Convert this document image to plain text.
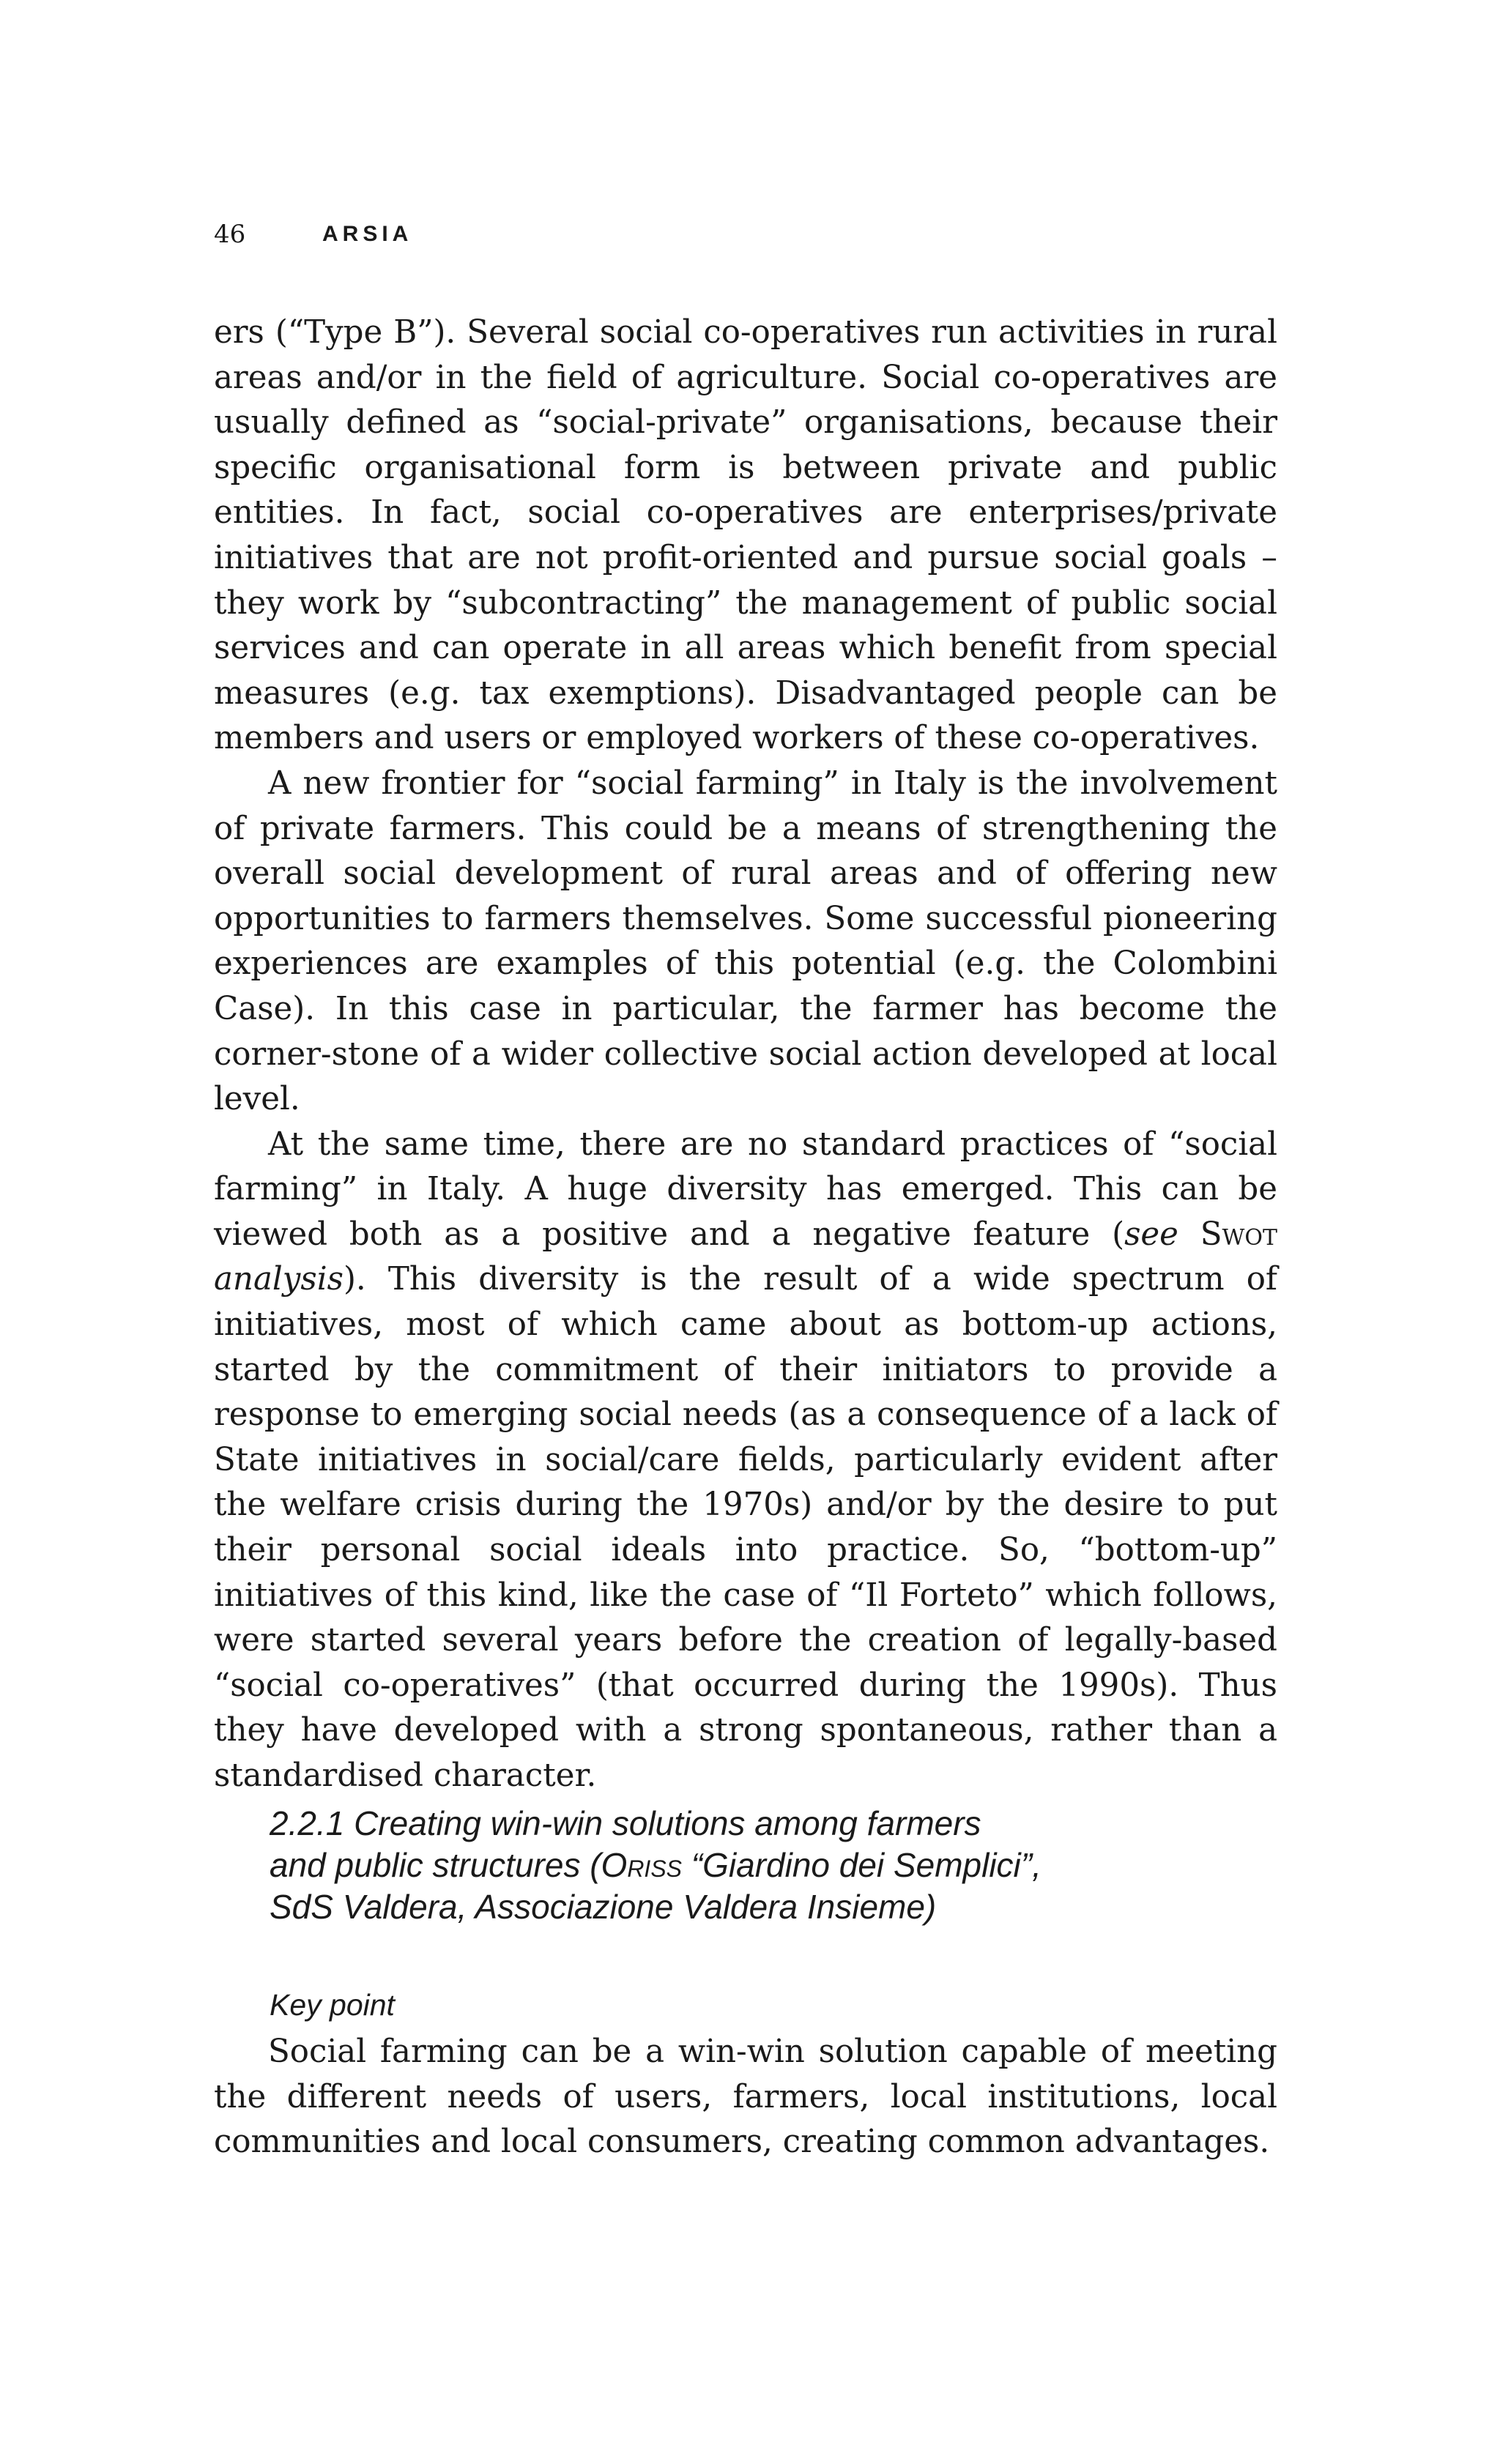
46	ARSIA

ers (“Type B”). Several social co-operatives run activities in rural areas and/or in the field of agriculture. Social co-operatives are usually defined as “social-private” organisations, because their specific organisational form is between private and public entities. In fact, social co-operatives are enterprises/private initiatives that are not profit-oriented and pursue social goals – they work by “subcontracting” the management of public social services and can operate in all areas which benefit from special measures (e.g. tax exemptions). Disadvantaged people can be members and users or employed workers of these co-operatives.

A new frontier for “social farming” in Italy is the involvement of private farmers. This could be a means of strengthening the overall social development of rural areas and of offering new opportunities to farmers themselves. Some successful pioneering experiences are examples of this potential (e.g. the Colombini Case). In this case in particular, the farmer has become the corner-stone of a wider collective social action developed at local level.

At the same time, there are no standard practices of “social farming” in Italy. A huge diversity has emerged. This can be viewed both as a positive and a negative feature (see Swot analysis). This diversity is the result of a wide spectrum of initiatives, most of which came about as bottom-up actions, started by the commitment of their initiators to provide a response to emerging social needs (as a consequence of a lack of State initiatives in social/care fields, particularly evident after the welfare crisis during the 1970s) and/or by the desire to put their personal social ideals into practice. So, “bottom-up” initiatives of this kind, like the case of “Il Forteto” which follows, were started several years before the creation of legally-based “social co-operatives” (that occurred during the 1990s). Thus they have developed with a strong spontaneous, rather than a standardised character.

2.2.1 Creating win-win solutions among farmers
and public structures (Oriss “Giardino dei Semplici”,
SdS Valdera, Associazione Valdera Insieme)
Key point

Social farming can be a win-win solution capable of meeting the different needs of users, farmers, local institutions, local communities and local consumers, creating common advantages.
